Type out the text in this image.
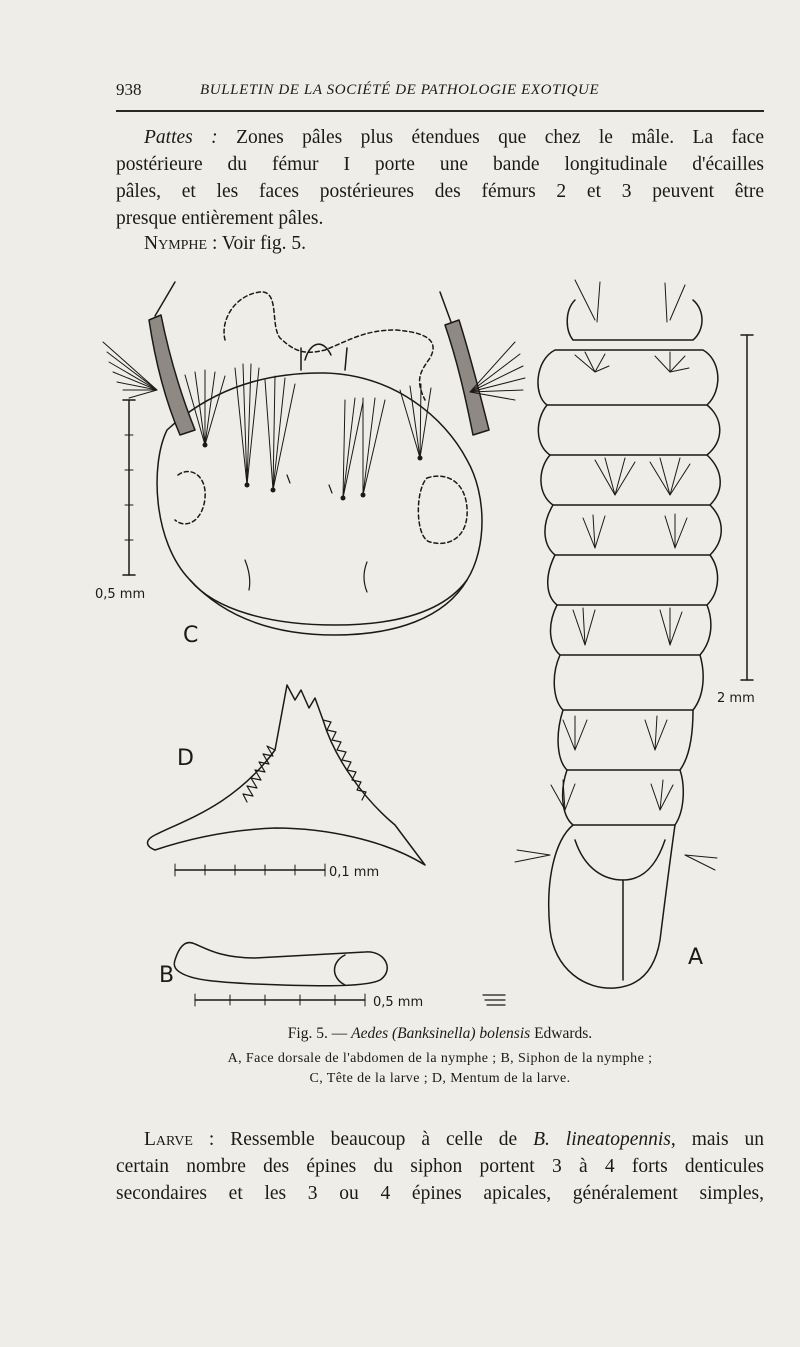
938	BULLETIN DE LA SOCIÉTÉ DE PATHOLOGIE EXOTIQUE
Pattes : Zones pâles plus étendues que chez le mâle. La face
postérieure du fémur I porte une bande longitudinale d'écailles
pâles, et les faces postérieures des fémurs 2 et 3 peuvent être
presque entièrement pâles.
Nymphe : Voir fig. 5.
C
D
B
A
0,5 mm
0,1 mm
0,5 mm
2 mm
Fig. 5. — Aedes (Banksinella) bolensis Edwards.
A, Face dorsale de l'abdomen de la nymphe ; B, Siphon de la nymphe ;
C, Tête de la larve ; D, Mentum de la larve.
Larve : Ressemble beaucoup à celle de B. lineatopennis, mais un
certain nombre des épines du siphon portent 3 à 4 forts denticules
secondaires et les 3 ou 4 épines apicales, généralement simples,
